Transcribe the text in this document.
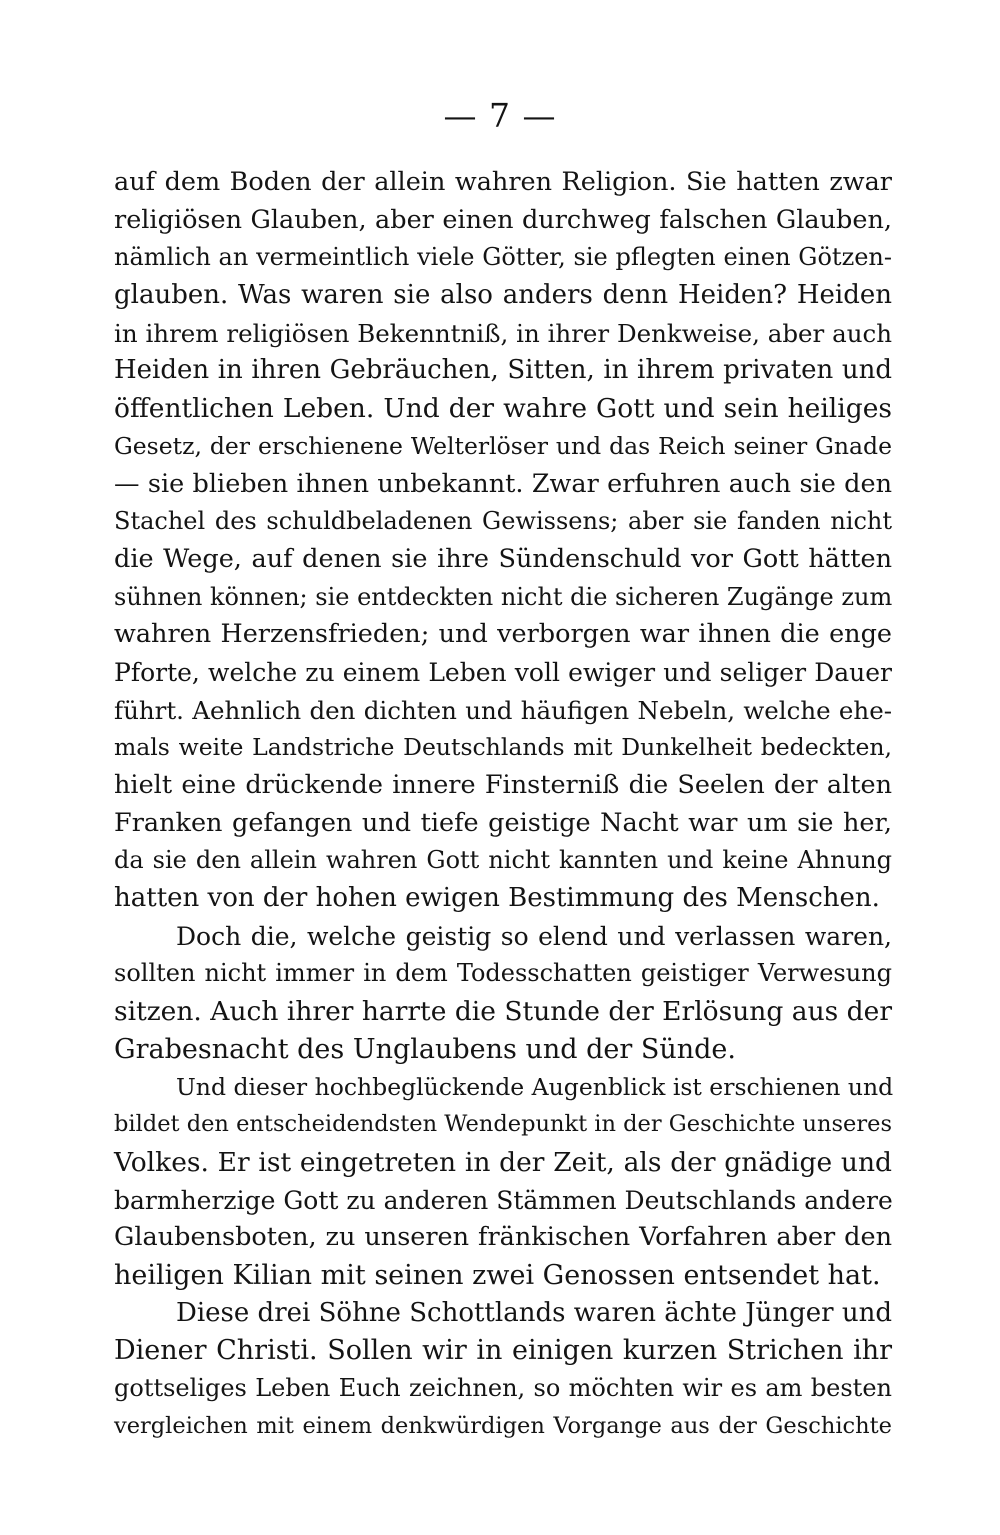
— 7 —
auf dem Boden der allein wahren Religion. Sie hatten zwar
religiösen Glauben, aber einen durchweg falschen Glauben,
nämlich an vermeintlich viele Götter, sie pflegten einen Götzen-
glauben. Was waren sie also anders denn Heiden? Heiden
in ihrem religiösen Bekenntniß, in ihrer Denkweise, aber auch
Heiden in ihren Gebräuchen, Sitten, in ihrem privaten und
öffentlichen Leben. Und der wahre Gott und sein heiliges
Gesetz, der erschienene Welterlöser und das Reich seiner Gnade
— sie blieben ihnen unbekannt. Zwar erfuhren auch sie den
Stachel des schuldbeladenen Gewissens; aber sie fanden nicht
die Wege, auf denen sie ihre Sündenschuld vor Gott hätten
sühnen können; sie entdeckten nicht die sicheren Zugänge zum
wahren Herzensfrieden; und verborgen war ihnen die enge
Pforte, welche zu einem Leben voll ewiger und seliger Dauer
führt. Aehnlich den dichten und häufigen Nebeln, welche ehe-
mals weite Landstriche Deutschlands mit Dunkelheit bedeckten,
hielt eine drückende innere Finsterniß die Seelen der alten
Franken gefangen und tiefe geistige Nacht war um sie her,
da sie den allein wahren Gott nicht kannten und keine Ahnung
hatten von der hohen ewigen Bestimmung des Menschen.
Doch die, welche geistig so elend und verlassen waren,
sollten nicht immer in dem Todesschatten geistiger Verwesung
sitzen. Auch ihrer harrte die Stunde der Erlösung aus der
Grabesnacht des Unglaubens und der Sünde.
Und dieser hochbeglückende Augenblick ist erschienen und
bildet den entscheidendsten Wendepunkt in der Geschichte unseres
Volkes. Er ist eingetreten in der Zeit, als der gnädige und
barmherzige Gott zu anderen Stämmen Deutschlands andere
Glaubensboten, zu unseren fränkischen Vorfahren aber den
heiligen Kilian mit seinen zwei Genossen entsendet hat.
Diese drei Söhne Schottlands waren ächte Jünger und
Diener Christi. Sollen wir in einigen kurzen Strichen ihr
gottseliges Leben Euch zeichnen, so möchten wir es am besten
vergleichen mit einem denkwürdigen Vorgange aus der Geschichte
